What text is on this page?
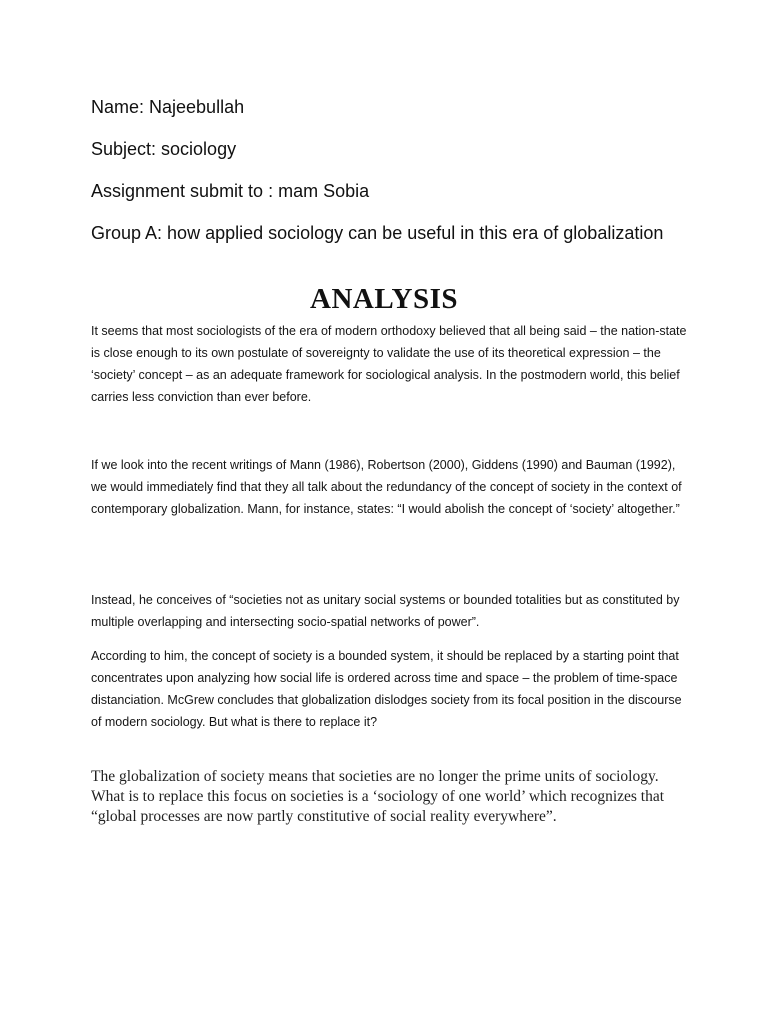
Name: Najeebullah

Subject: sociology

Assignment submit to : mam Sobia

Group A: how applied sociology can be useful in this era of globalization

ANALYSIS

It seems that most sociologists of the era of modern orthodoxy believed that all being said – the nation-state is close enough to its own postulate of sovereignty to validate the use of its theoretical expression – the ‘society’ concept – as an adequate framework for sociological analysis. In the postmodern world, this belief carries less conviction than ever before.

If we look into the recent writings of Mann (1986), Robertson (2000), Giddens (1990) and Bauman (1992), we would immediately find that they all talk about the redundancy of the concept of society in the context of contemporary globalization. Mann, for instance, states: “I would abolish the concept of ‘society’ altogether.”

Instead, he conceives of “societies not as unitary social systems or bounded totalities but as constituted by multiple overlapping and intersecting socio-spatial networks of power”.

According to him, the concept of society is a bounded system, it should be replaced by a starting point that concentrates upon analyzing how social life is ordered across time and space – the problem of time-space distanciation. McGrew concludes that globalization dislodges society from its focal position in the discourse of modern sociology. But what is there to replace it?

The globalization of society means that societies are no longer the prime units of sociology. What is to replace this focus on societies is a ‘sociology of one world’ which recognizes that “global processes are now partly constitutive of social reality everywhere”.
